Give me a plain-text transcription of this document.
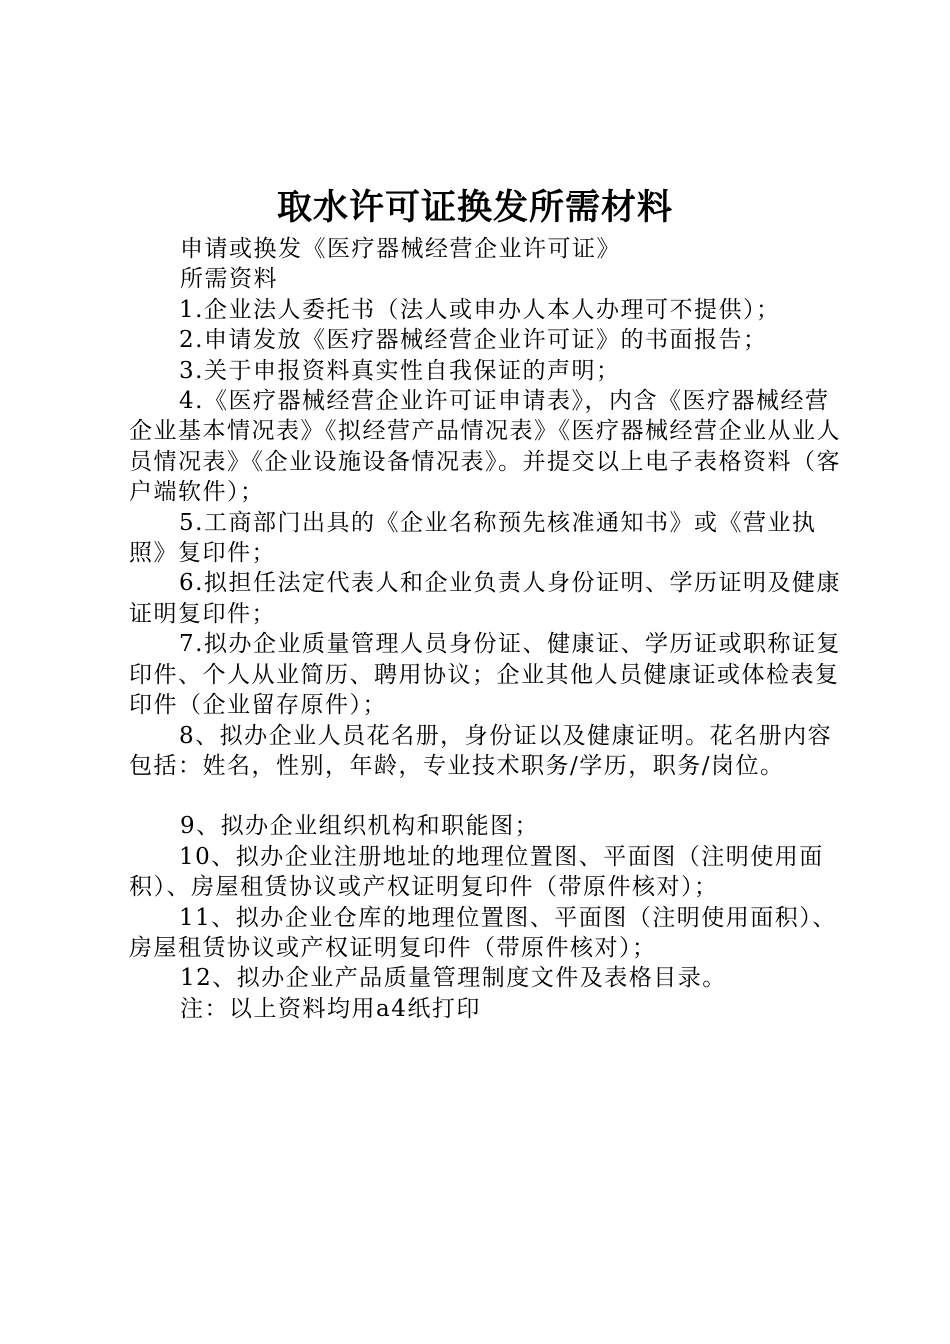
取水许可证换发所需材料

申请或换发《医疗器械经营企业许可证》

所需资料

1.企业法人委托书（法人或申办人本人办理可不提供）；

2.申请发放《医疗器械经营企业许可证》的书面报告；

3.关于申报资料真实性自我保证的声明；

4.《医疗器械经营企业许可证申请表》，内含《医疗器械经营企业基本情况表》《拟经营产品情况表》《医疗器械经营企业从业人员情况表》《企业设施设备情况表》。并提交以上电子表格资料（客户端软件）；

5.工商部门出具的《企业名称预先核准通知书》或《营业执照》复印件；

6.拟担任法定代表人和企业负责人身份证明、学历证明及健康证明复印件；

7.拟办企业质量管理人员身份证、健康证、学历证或职称证复印件、个人从业简历、聘用协议；企业其他人员健康证或体检表复印件（企业留存原件）；

8、拟办企业人员花名册，身份证以及健康证明。花名册内容包括：姓名，性别，年龄，专业技术职务/学历，职务/岗位。

9、拟办企业组织机构和职能图；

10、拟办企业注册地址的地理位置图、平面图（注明使用面积）、房屋租赁协议或产权证明复印件（带原件核对）；

11、拟办企业仓库的地理位置图、平面图（注明使用面积）、房屋租赁协议或产权证明复印件（带原件核对）；

12、拟办企业产品质量管理制度文件及表格目录。

注：以上资料均用a4纸打印
